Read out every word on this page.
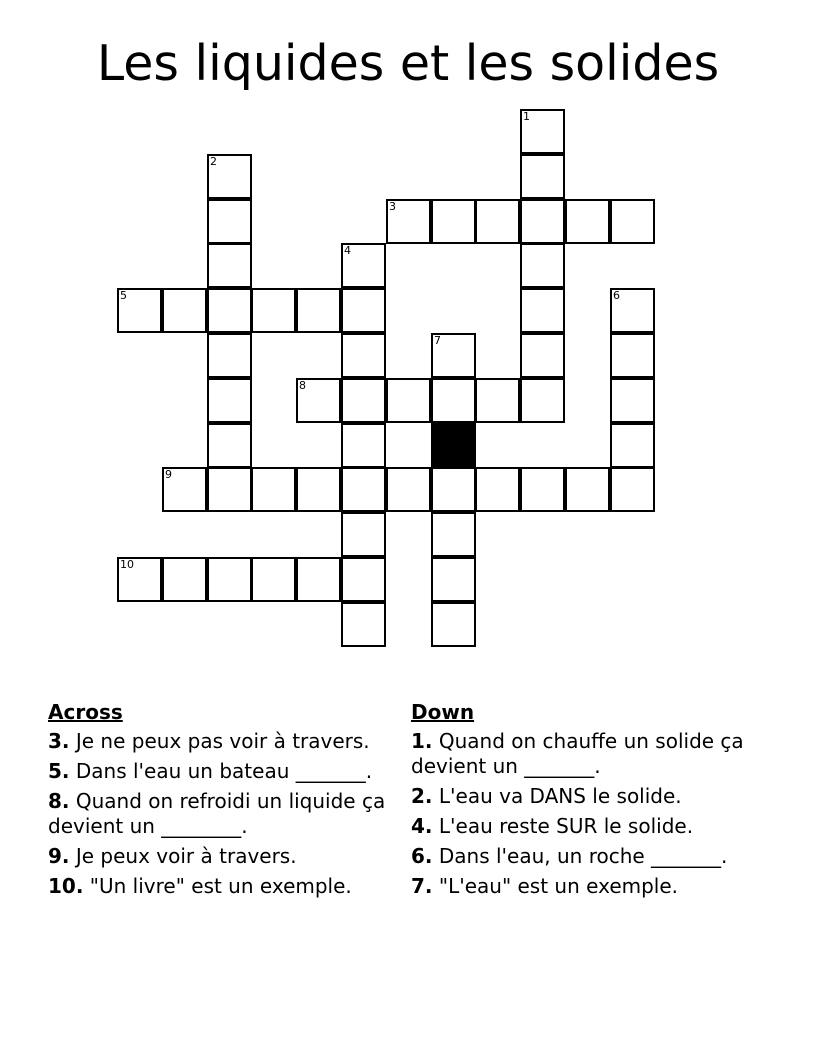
Les liquides et les solides
3
5
8
9
10
1
2
4
6
7
Across
3. Je ne peux pas voir à travers.
5. Dans l'eau un bateau _______.
8. Quand on refroidi un liquide ça devient un ________.
9. Je peux voir à travers.
10. "Un livre" est un exemple.
Down
1. Quand on chauffe un solide ça devient un _______.
2. L'eau va DANS le solide.
4. L'eau reste SUR le solide.
6. Dans l'eau, un roche _______.
7. "L'eau" est un exemple.
